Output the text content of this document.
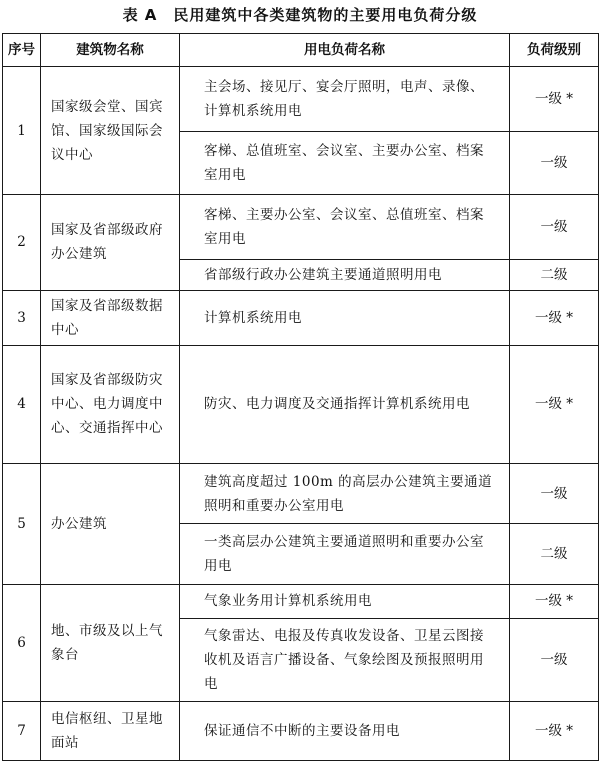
表 A　民用建筑中各类建筑物的主要用电负荷分级
序号	建筑物名称	用电负荷名称	负荷级别
1	国家级会堂、国宾馆、国家级国际会议中心	主会场、接见厅、宴会厅照明，电声、录像、计算机系统用电	一级 *
		客梯、总值班室、会议室、主要办公室、档案室用电	一级
2	国家及省部级政府办公建筑	客梯、主要办公室、会议室、总值班室、档案室用电	一级
		省部级行政办公建筑主要通道照明用电	二级
3	国家及省部级数据中心	计算机系统用电	一级 *
4	国家及省部级防灾中心、电力调度中心、交通指挥中心	防灾、电力调度及交通指挥计算机系统用电	一级 *
5	办公建筑	建筑高度超过 100m 的高层办公建筑主要通道照明和重要办公室用电	一级
		一类高层办公建筑主要通道照明和重要办公室用电	二级
6	地、市级及以上气象台	气象业务用计算机系统用电	一级 *
		气象雷达、电报及传真收发设备、卫星云图接收机及语言广播设备、气象绘图及预报照明用电	一级
7	电信枢纽、卫星地面站	保证通信不中断的主要设备用电	一级 *
